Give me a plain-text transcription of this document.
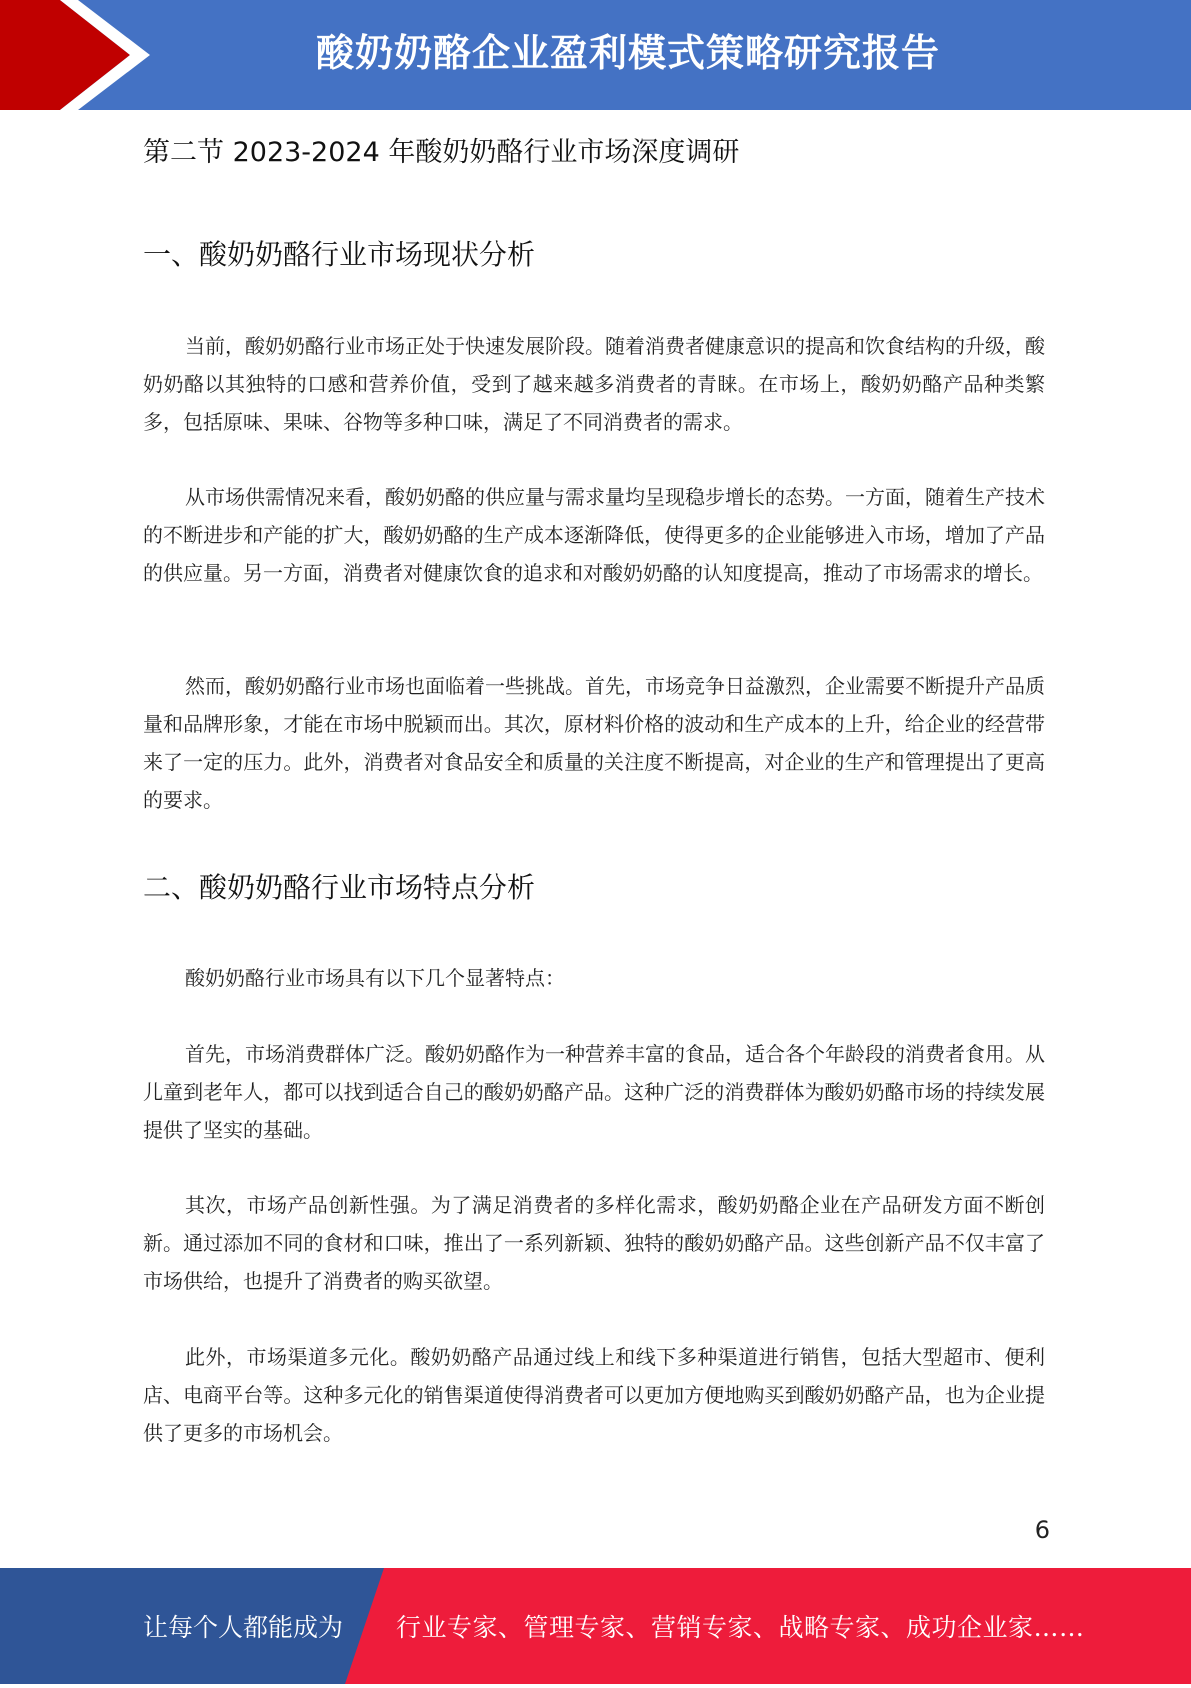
酸奶奶酪企业盈利模式策略研究报告
第二节 2023-2024 年酸奶奶酪行业市场深度调研
一、酸奶奶酪行业市场现状分析

当前，酸奶奶酪行业市场正处于快速发展阶段。随着消费者健康意识的提高和饮食结构的升级，酸奶奶酪以其独特的口感和营养价值，受到了越来越多消费者的青睐。在市场上，酸奶奶酪产品种类繁多，包括原味、果味、谷物等多种口味，满足了不同消费者的需求。

从市场供需情况来看，酸奶奶酪的供应量与需求量均呈现稳步增长的态势。一方面，随着生产技术的不断进步和产能的扩大，酸奶奶酪的生产成本逐渐降低，使得更多的企业能够进入市场，增加了产品的供应量。另一方面，消费者对健康饮食的追求和对酸奶奶酪的认知度提高，推动了市场需求的增长。

然而，酸奶奶酪行业市场也面临着一些挑战。首先，市场竞争日益激烈，企业需要不断提升产品质量和品牌形象，才能在市场中脱颖而出。其次，原材料价格的波动和生产成本的上升，给企业的经营带来了一定的压力。此外，消费者对食品安全和质量的关注度不断提高，对企业的生产和管理提出了更高的要求。

二、酸奶奶酪行业市场特点分析

酸奶奶酪行业市场具有以下几个显著特点：

首先，市场消费群体广泛。酸奶奶酪作为一种营养丰富的食品，适合各个年龄段的消费者食用。从儿童到老年人，都可以找到适合自己的酸奶奶酪产品。这种广泛的消费群体为酸奶奶酪市场的持续发展提供了坚实的基础。

其次，市场产品创新性强。为了满足消费者的多样化需求，酸奶奶酪企业在产品研发方面不断创新。通过添加不同的食材和口味，推出了一系列新颖、独特的酸奶奶酪产品。这些创新产品不仅丰富了市场供给，也提升了消费者的购买欲望。

此外，市场渠道多元化。酸奶奶酪产品通过线上和线下多种渠道进行销售，包括大型超市、便利店、电商平台等。这种多元化的销售渠道使得消费者可以更加方便地购买到酸奶奶酪产品，也为企业提供了更多的市场机会。

6
让每个人都能成为 行业专家、管理专家、营销专家、战略专家、成功企业家……
